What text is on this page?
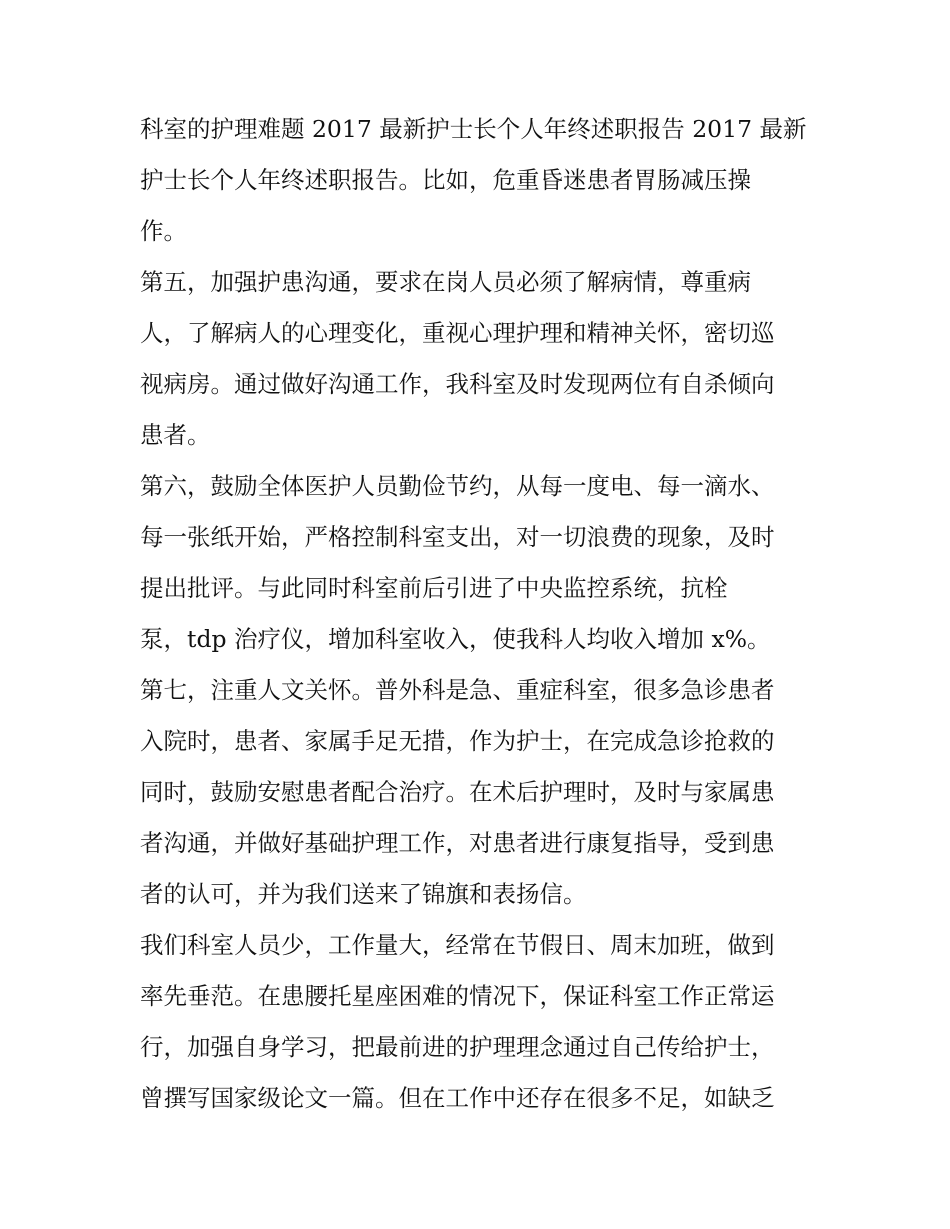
科室的护理难题 2017 最新护士长个人年终述职报告 2017 最新
护士长个人年终述职报告。比如，危重昏迷患者胃肠减压操
作。
第五，加强护患沟通，要求在岗人员必须了解病情，尊重病
人，了解病人的心理变化，重视心理护理和精神关怀，密切巡
视病房。通过做好沟通工作，我科室及时发现两位有自杀倾向
患者。
第六，鼓励全体医护人员勤俭节约，从每一度电、每一滴水、
每一张纸开始，严格控制科室支出，对一切浪费的现象，及时
提出批评。与此同时科室前后引进了中央监控系统，抗栓
泵，tdp 治疗仪，增加科室收入，使我科人均收入增加 x%。
第七，注重人文关怀。普外科是急、重症科室，很多急诊患者
入院时，患者、家属手足无措，作为护士，在完成急诊抢救的
同时，鼓励安慰患者配合治疗。在术后护理时，及时与家属患
者沟通，并做好基础护理工作，对患者进行康复指导，受到患
者的认可，并为我们送来了锦旗和表扬信。
我们科室人员少，工作量大，经常在节假日、周末加班，做到
率先垂范。在患腰托星座困难的情况下，保证科室工作正常运
行，加强自身学习，把最前进的护理理念通过自己传给护士，
曾撰写国家级论文一篇。但在工作中还存在很多不足，如缺乏
